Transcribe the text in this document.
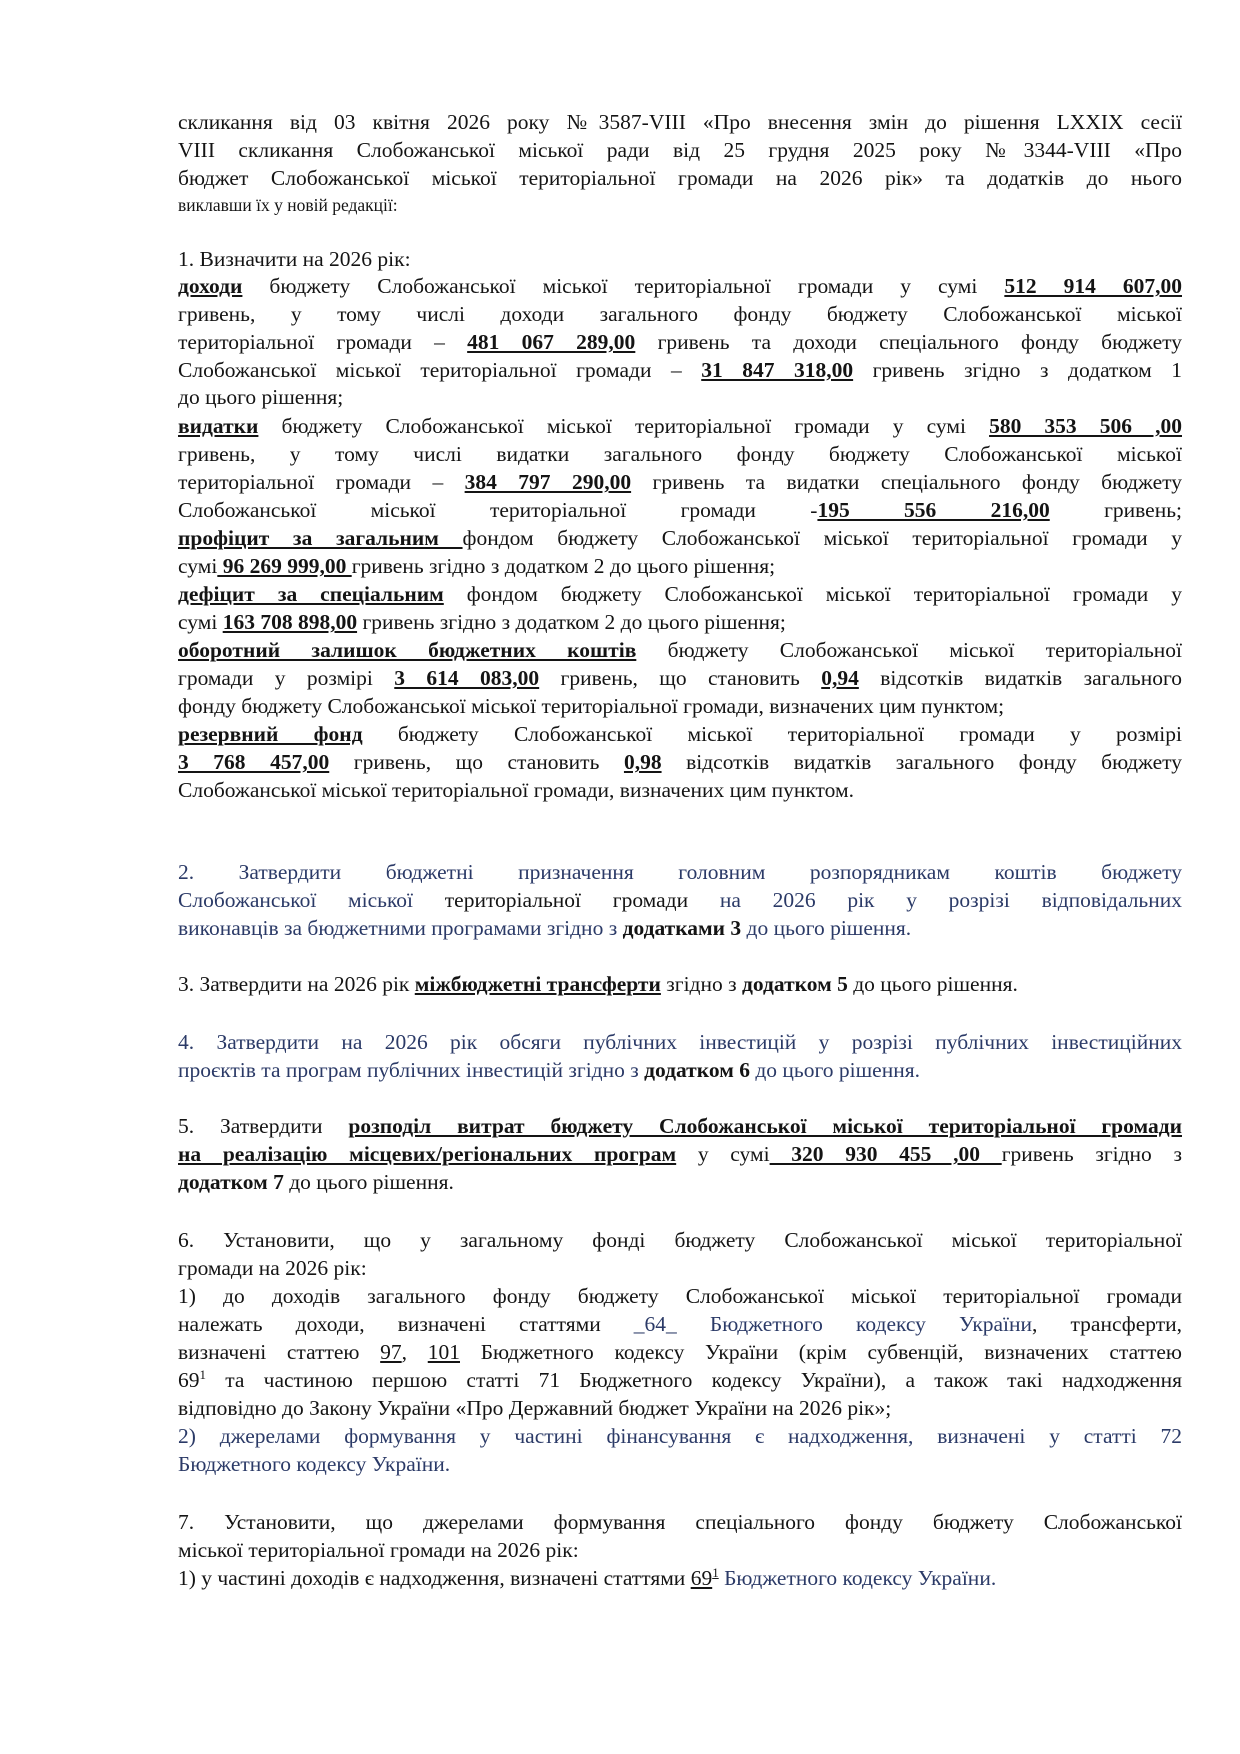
скликання від 03 квітня 2026 року №3587-VIII «Про внесення змін до рішення LXXIX сесії
VIII скликання Слобожанської міської ради від 25 грудня 2025 року №3344-VIII «Про
бюджет Слобожанської міської територіальної громади на 2026 рік» та додатків до нього
виклавши їх у новій редакції:
1. Визначити на 2026 рік:
доходи бюджету Слобожанської міської територіальної громади у сумі 512 914 607,00
гривень, у тому числі доходи загального фонду бюджету Слобожанської міської
територіальної громади – 481 067 289,00 гривень та доходи спеціального фонду бюджету
Слобожанської міської територіальної громади – 31 847 318,00 гривень згідно з додатком 1
до цього рішення;
видатки бюджету Слобожанської міської територіальної громади у сумі 580 353 506 ,00
гривень, у тому числі видатки загального фонду бюджету Слобожанської міської
територіальної громади – 384 797 290,00 гривень та видатки спеціального фонду бюджету
Слобожанської міської територіальної громади -195 556 216,00 гривень;
профіцит за загальним фондом бюджету Слобожанської міської територіальної громади у
сумі 96 269 999,00 гривень згідно з додатком 2 до цього рішення;
дефіцит за спеціальним фондом бюджету Слобожанської міської територіальної громади у
сумі 163 708 898,00 гривень згідно з додатком 2 до цього рішення;
оборотний залишок бюджетних коштів бюджету Слобожанської міської територіальної
громади у розмірі 3 614 083,00 гривень, що становить 0,94 відсотків видатків загального
фонду бюджету Слобожанської міської територіальної громади, визначених цим пунктом;
резервний фонд бюджету Слобожанської міської територіальної громади у розмірі
3 768 457,00 гривень, що становить 0,98 відсотків видатків загального фонду бюджету
Слобожанської міської територіальної громади, визначених цим пунктом.
2. Затвердити бюджетні призначення головним розпорядникам коштів бюджету
Слобожанської міської територіальної громади на 2026 рік у розрізі відповідальних
виконавців за бюджетними програмами згідно з додатками 3 до цього рішення.
3. Затвердити на 2026 рік міжбюджетні трансферти згідно з додатком 5 до цього рішення.
4. Затвердити на 2026 рік обсяги публічних інвестицій у розрізі публічних інвестиційних
проєктів та програм публічних інвестицій згідно з додатком 6 до цього рішення.
5. Затвердити розподіл витрат бюджету Слобожанської міської територіальної громади
на реалізацію місцевих/регіональних програм у сумі 320 930 455 ,00 гривень згідно з
додатком 7 до цього рішення.
6. Установити, що у загальному фонді бюджету Слобожанської міської територіальної
громади на 2026 рік:
1) до доходів загального фонду бюджету Слобожанської міської територіальної громади
належать доходи, визначені статтями _64_ Бюджетного кодексу України, трансферти,
визначені статтею 97, 101 Бюджетного кодексу України (крім субвенцій, визначених статтею
$69^1$ та частиною першою статті 71 Бюджетного кодексу України), а також такі надходження
відповідно до Закону України «Про Державний бюджет України на 2026 рік»;
2) джерелами формування у частині фінансування є надходження, визначені у статті 72
Бюджетного кодексу України.
7. Установити, що джерелами формування спеціального фонду бюджету Слобожанської
міської територіальної громади на 2026 рік:
1) у частині доходів є надходження, визначені статтями $69^1$ Бюджетного кодексу України.
